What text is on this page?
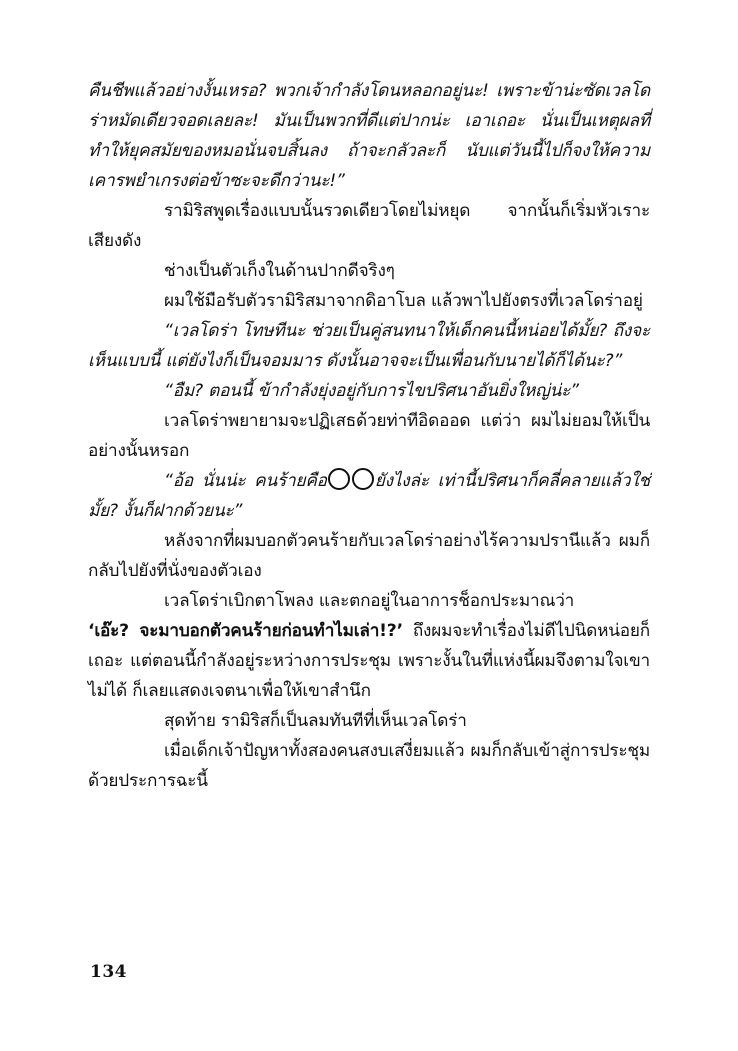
คืนชีพแล้วอย่างงั้นเหรอ? พวกเจ้ากำลังโดนหลอกอยู่นะ! เพราะข้าน่ะซัดเวลโดร่าหมัดเดียวจอดเลยละ! มันเป็นพวกที่ดีแต่ปากน่ะ เอาเถอะ นั่นเป็นเหตุผลที่ทำให้ยุคสมัยของหมอนั่นจบสิ้นลง ถ้าจะกลัวละก็ นับแต่วันนี้ไปก็จงให้ความเคารพยำเกรงต่อข้าซะจะดีกว่านะ!”

รามิริสพูดเรื่องแบบนั้นรวดเดียวโดยไม่หยุด จากนั้นก็เริ่มหัวเราะเสียงดัง

ช่างเป็นตัวเก็งในด้านปากดีจริงๆ

ผมใช้มือรับตัวรามิริสมาจากดิอาโบล แล้วพาไปยังตรงที่เวลโดร่าอยู่

“เวลโดร่า โทษทีนะ ช่วยเป็นคู่สนทนาให้เด็กคนนี้หน่อยได้มั้ย? ถึงจะเห็นแบบนี้ แต่ยังไงก็เป็นจอมมาร ดังนั้นอาจจะเป็นเพื่อนกับนายได้ก็ได้นะ?”

“อืม? ตอนนี้ ข้ากำลังยุ่งอยู่กับการไขปริศนาอันยิ่งใหญ่น่ะ”

เวลโดร่าพยายามจะปฏิเสธด้วยท่าทีอิดออด แต่ว่า ผมไม่ยอมให้เป็นอย่างนั้นหรอก

“อ้อ นั่นน่ะ คนร้ายคือ	ยังไงล่ะ เท่านี้ปริศนาก็คลี่คลายแล้วใช่มั้ย? งั้นก็ฝากด้วยนะ”

หลังจากที่ผมบอกตัวคนร้ายกับเวลโดร่าอย่างไร้ความปรานีแล้ว ผมก็กลับไปยังที่นั่งของตัวเอง

เวลโดร่าเบิกตาโพลง และตกอยู่ในอาการช็อกประมาณว่า
‘เอ๊ะ? จะมาบอกตัวคนร้ายก่อนทำไมเล่า!?’ ถึงผมจะทำเรื่องไม่ดีไปนิดหน่อยก็เถอะ แต่ตอนนี้กำลังอยู่ระหว่างการประชุม เพราะงั้นในที่แห่งนี้ผมจึงตามใจเขาไม่ได้ ก็เลยแสดงเจตนาเพื่อให้เขาสำนึก

สุดท้าย รามิริสก็เป็นลมทันทีที่เห็นเวลโดร่า

เมื่อเด็กเจ้าปัญหาทั้งสองคนสงบเสงี่ยมแล้ว ผมก็กลับเข้าสู่การประชุมด้วยประการฉะนี้

134
